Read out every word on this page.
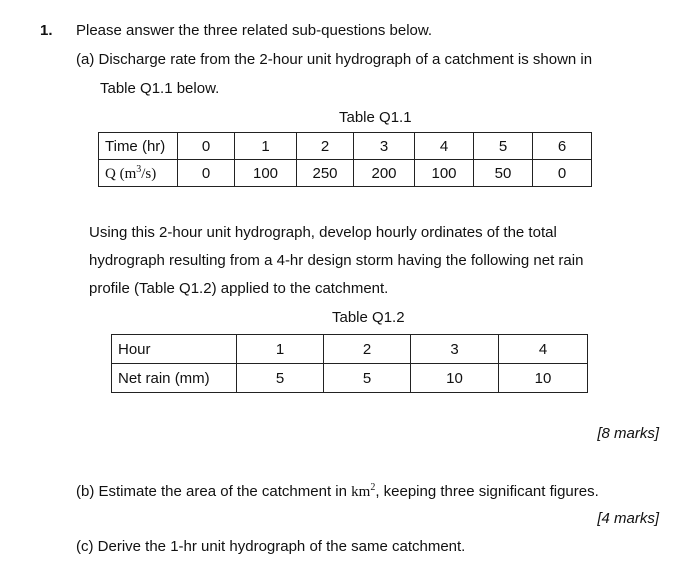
1. Please answer the three related sub-questions below.
(a) Discharge rate from the 2-hour unit hydrograph of a catchment is shown in
Table Q1.1 below.
Table Q1.1
Time (hr)	0	1	2	3	4	5	6
Q $(m^3/s)$	0	100	250	200	100	50	0
Using this 2-hour unit hydrograph, develop hourly ordinates of the total
hydrograph resulting from a 4-hr design storm having the following net rain
profile (Table Q1.2) applied to the catchment.
Table Q1.2
Hour	1	2	3	4
Net rain (mm)	5	5	10	10
[8 marks]
(b) Estimate the area of the catchment in $km^2$, keeping three significant figures.
[4 marks]
(c) Derive the 1-hr unit hydrograph of the same catchment.
